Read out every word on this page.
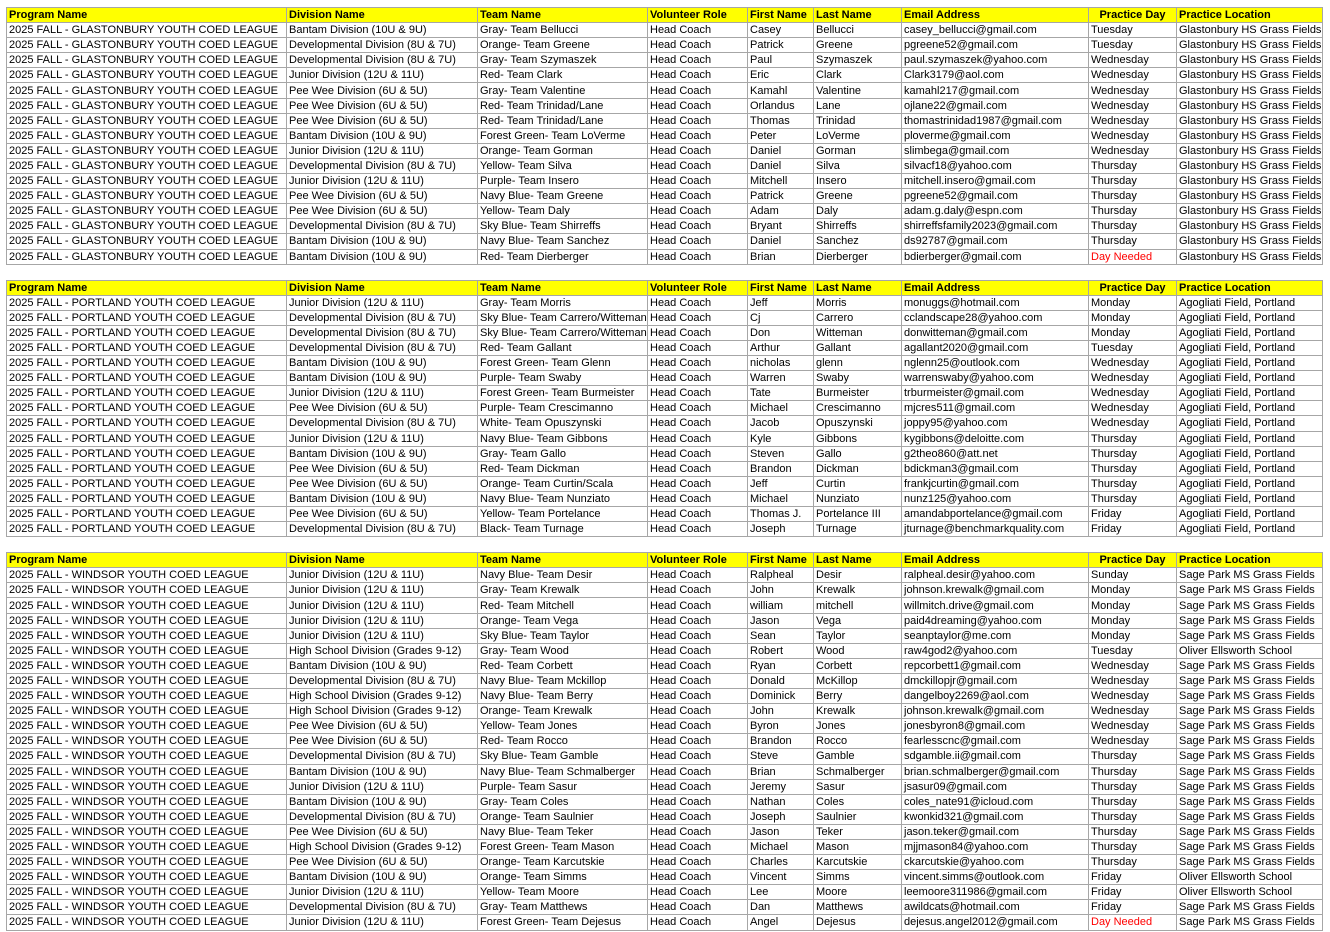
Program Name	Division Name	Team Name	Volunteer Role	First Name	Last Name	Email Address	Practice Day	Practice Location
2025 FALL - GLASTONBURY YOUTH COED LEAGUE	Bantam Division (10U & 9U)	Gray- Team Bellucci	Head Coach	Casey	Bellucci	casey_bellucci@gmail.com	Tuesday	Glastonbury HS Grass Fields
2025 FALL - GLASTONBURY YOUTH COED LEAGUE	Developmental Division (8U & 7U)	Orange- Team Greene	Head Coach	Patrick	Greene	pgreene52@gmail.com	Tuesday	Glastonbury HS Grass Fields
2025 FALL - GLASTONBURY YOUTH COED LEAGUE	Developmental Division (8U & 7U)	Gray- Team Szymaszek	Head Coach	Paul	Szymaszek	paul.szymaszek@yahoo.com	Wednesday	Glastonbury HS Grass Fields
2025 FALL - GLASTONBURY YOUTH COED LEAGUE	Junior Division (12U & 11U)	Red- Team Clark	Head Coach	Eric	Clark	Clark3179@aol.com	Wednesday	Glastonbury HS Grass Fields
2025 FALL - GLASTONBURY YOUTH COED LEAGUE	Pee Wee Division (6U & 5U)	Gray- Team Valentine	Head Coach	Kamahl	Valentine	kamahl217@gmail.com	Wednesday	Glastonbury HS Grass Fields
2025 FALL - GLASTONBURY YOUTH COED LEAGUE	Pee Wee Division (6U & 5U)	Red- Team Trinidad/Lane	Head Coach	Orlandus	Lane	ojlane22@gmail.com	Wednesday	Glastonbury HS Grass Fields
2025 FALL - GLASTONBURY YOUTH COED LEAGUE	Pee Wee Division (6U & 5U)	Red- Team Trinidad/Lane	Head Coach	Thomas	Trinidad	thomastrinidad1987@gmail.com	Wednesday	Glastonbury HS Grass Fields
2025 FALL - GLASTONBURY YOUTH COED LEAGUE	Bantam Division (10U & 9U)	Forest Green- Team LoVerme	Head Coach	Peter	LoVerme	ploverme@gmail.com	Wednesday	Glastonbury HS Grass Fields
2025 FALL - GLASTONBURY YOUTH COED LEAGUE	Junior Division (12U & 11U)	Orange- Team Gorman	Head Coach	Daniel	Gorman	slimbega@gmail.com	Wednesday	Glastonbury HS Grass Fields
2025 FALL - GLASTONBURY YOUTH COED LEAGUE	Developmental Division (8U & 7U)	Yellow- Team Silva	Head Coach	Daniel	Silva	silvacf18@yahoo.com	Thursday	Glastonbury HS Grass Fields
2025 FALL - GLASTONBURY YOUTH COED LEAGUE	Junior Division (12U & 11U)	Purple- Team Insero	Head Coach	Mitchell	Insero	mitchell.insero@gmail.com	Thursday	Glastonbury HS Grass Fields
2025 FALL - GLASTONBURY YOUTH COED LEAGUE	Pee Wee Division (6U & 5U)	Navy Blue- Team Greene	Head Coach	Patrick	Greene	pgreene52@gmail.com	Thursday	Glastonbury HS Grass Fields
2025 FALL - GLASTONBURY YOUTH COED LEAGUE	Pee Wee Division (6U & 5U)	Yellow- Team Daly	Head Coach	Adam	Daly	adam.g.daly@espn.com	Thursday	Glastonbury HS Grass Fields
2025 FALL - GLASTONBURY YOUTH COED LEAGUE	Developmental Division (8U & 7U)	Sky Blue- Team Shirreffs	Head Coach	Bryant	Shirreffs	shirreffsfamily2023@gmail.com	Thursday	Glastonbury HS Grass Fields
2025 FALL - GLASTONBURY YOUTH COED LEAGUE	Bantam Division (10U & 9U)	Navy Blue- Team Sanchez	Head Coach	Daniel	Sanchez	ds92787@gmail.com	Thursday	Glastonbury HS Grass Fields
2025 FALL - GLASTONBURY YOUTH COED LEAGUE	Bantam Division (10U & 9U)	Red- Team Dierberger	Head Coach	Brian	Dierberger	bdierberger@gmail.com	Day Needed	Glastonbury HS Grass Fields
Program Name	Division Name	Team Name	Volunteer Role	First Name	Last Name	Email Address	Practice Day	Practice Location
2025 FALL - PORTLAND YOUTH COED LEAGUE	Junior Division (12U & 11U)	Gray- Team Morris	Head Coach	Jeff	Morris	monuggs@hotmail.com	Monday	Agogliati Field, Portland
2025 FALL - PORTLAND YOUTH COED LEAGUE	Developmental Division (8U & 7U)	Sky Blue- Team Carrero/Witteman	Head Coach	Cj	Carrero	cclandscape28@yahoo.com	Monday	Agogliati Field, Portland
2025 FALL - PORTLAND YOUTH COED LEAGUE	Developmental Division (8U & 7U)	Sky Blue- Team Carrero/Witteman	Head Coach	Don	Witteman	donwitteman@gmail.com	Monday	Agogliati Field, Portland
2025 FALL - PORTLAND YOUTH COED LEAGUE	Developmental Division (8U & 7U)	Red- Team Gallant	Head Coach	Arthur	Gallant	agallant2020@gmail.com	Tuesday	Agogliati Field, Portland
2025 FALL - PORTLAND YOUTH COED LEAGUE	Bantam Division (10U & 9U)	Forest Green- Team Glenn	Head Coach	nicholas	glenn	nglenn25@outlook.com	Wednesday	Agogliati Field, Portland
2025 FALL - PORTLAND YOUTH COED LEAGUE	Bantam Division (10U & 9U)	Purple- Team Swaby	Head Coach	Warren	Swaby	warrenswaby@yahoo.com	Wednesday	Agogliati Field, Portland
2025 FALL - PORTLAND YOUTH COED LEAGUE	Junior Division (12U & 11U)	Forest Green- Team Burmeister	Head Coach	Tate	Burmeister	trburmeister@gmail.com	Wednesday	Agogliati Field, Portland
2025 FALL - PORTLAND YOUTH COED LEAGUE	Pee Wee Division (6U & 5U)	Purple- Team Crescimanno	Head Coach	Michael	Crescimanno	mjcres511@gmail.com	Wednesday	Agogliati Field, Portland
2025 FALL - PORTLAND YOUTH COED LEAGUE	Developmental Division (8U & 7U)	White- Team Opuszynski	Head Coach	Jacob	Opuszynski	joppy95@yahoo.com	Wednesday	Agogliati Field, Portland
2025 FALL - PORTLAND YOUTH COED LEAGUE	Junior Division (12U & 11U)	Navy Blue- Team Gibbons	Head Coach	Kyle	Gibbons	kygibbons@deloitte.com	Thursday	Agogliati Field, Portland
2025 FALL - PORTLAND YOUTH COED LEAGUE	Bantam Division (10U & 9U)	Gray- Team Gallo	Head Coach	Steven	Gallo	g2theo860@att.net	Thursday	Agogliati Field, Portland
2025 FALL - PORTLAND YOUTH COED LEAGUE	Pee Wee Division (6U & 5U)	Red- Team Dickman	Head Coach	Brandon	Dickman	bdickman3@gmail.com	Thursday	Agogliati Field, Portland
2025 FALL - PORTLAND YOUTH COED LEAGUE	Pee Wee Division (6U & 5U)	Orange- Team Curtin/Scala	Head Coach	Jeff	Curtin	frankjcurtin@gmail.com	Thursday	Agogliati Field, Portland
2025 FALL - PORTLAND YOUTH COED LEAGUE	Bantam Division (10U & 9U)	Navy Blue- Team Nunziato	Head Coach	Michael	Nunziato	nunz125@yahoo.com	Thursday	Agogliati Field, Portland
2025 FALL - PORTLAND YOUTH COED LEAGUE	Pee Wee Division (6U & 5U)	Yellow- Team Portelance	Head Coach	Thomas J.	Portelance III	amandabportelance@gmail.com	Friday	Agogliati Field, Portland
2025 FALL - PORTLAND YOUTH COED LEAGUE	Developmental Division (8U & 7U)	Black- Team Turnage	Head Coach	Joseph	Turnage	jturnage@benchmarkquality.com	Friday	Agogliati Field, Portland
Program Name	Division Name	Team Name	Volunteer Role	First Name	Last Name	Email Address	Practice Day	Practice Location
2025 FALL - WINDSOR YOUTH COED LEAGUE	Junior Division (12U & 11U)	Navy Blue- Team Desir	Head Coach	Ralpheal	Desir	ralpheal.desir@yahoo.com	Sunday	Sage Park MS Grass Fields
2025 FALL - WINDSOR YOUTH COED LEAGUE	Junior Division (12U & 11U)	Gray- Team Krewalk	Head Coach	John	Krewalk	johnson.krewalk@gmail.com	Monday	Sage Park MS Grass Fields
2025 FALL - WINDSOR YOUTH COED LEAGUE	Junior Division (12U & 11U)	Red- Team Mitchell	Head Coach	william	mitchell	willmitch.drive@gmail.com	Monday	Sage Park MS Grass Fields
2025 FALL - WINDSOR YOUTH COED LEAGUE	Junior Division (12U & 11U)	Orange- Team Vega	Head Coach	Jason	Vega	paid4dreaming@yahoo.com	Monday	Sage Park MS Grass Fields
2025 FALL - WINDSOR YOUTH COED LEAGUE	Junior Division (12U & 11U)	Sky Blue- Team Taylor	Head Coach	Sean	Taylor	seanptaylor@me.com	Monday	Sage Park MS Grass Fields
2025 FALL - WINDSOR YOUTH COED LEAGUE	High School Division (Grades 9-12)	Gray- Team Wood	Head Coach	Robert	Wood	raw4god2@yahoo.com	Tuesday	Oliver Ellsworth School
2025 FALL - WINDSOR YOUTH COED LEAGUE	Bantam Division (10U & 9U)	Red- Team Corbett	Head Coach	Ryan	Corbett	repcorbett1@gmail.com	Wednesday	Sage Park MS Grass Fields
2025 FALL - WINDSOR YOUTH COED LEAGUE	Developmental Division (8U & 7U)	Navy Blue- Team Mckillop	Head Coach	Donald	McKillop	dmckillopjr@gmail.com	Wednesday	Sage Park MS Grass Fields
2025 FALL - WINDSOR YOUTH COED LEAGUE	High School Division (Grades 9-12)	Navy Blue- Team Berry	Head Coach	Dominick	Berry	dangelboy2269@aol.com	Wednesday	Sage Park MS Grass Fields
2025 FALL - WINDSOR YOUTH COED LEAGUE	High School Division (Grades 9-12)	Orange- Team Krewalk	Head Coach	John	Krewalk	johnson.krewalk@gmail.com	Wednesday	Sage Park MS Grass Fields
2025 FALL - WINDSOR YOUTH COED LEAGUE	Pee Wee Division (6U & 5U)	Yellow- Team Jones	Head Coach	Byron	Jones	jonesbyron8@gmail.com	Wednesday	Sage Park MS Grass Fields
2025 FALL - WINDSOR YOUTH COED LEAGUE	Pee Wee Division (6U & 5U)	Red- Team Rocco	Head Coach	Brandon	Rocco	fearlesscnc@gmail.com	Wednesday	Sage Park MS Grass Fields
2025 FALL - WINDSOR YOUTH COED LEAGUE	Developmental Division (8U & 7U)	Sky Blue- Team Gamble	Head Coach	Steve	Gamble	sdgamble.ii@gmail.com	Thursday	Sage Park MS Grass Fields
2025 FALL - WINDSOR YOUTH COED LEAGUE	Bantam Division (10U & 9U)	Navy Blue- Team Schmalberger	Head Coach	Brian	Schmalberger	brian.schmalberger@gmail.com	Thursday	Sage Park MS Grass Fields
2025 FALL - WINDSOR YOUTH COED LEAGUE	Junior Division (12U & 11U)	Purple- Team Sasur	Head Coach	Jeremy	Sasur	jsasur09@gmail.com	Thursday	Sage Park MS Grass Fields
2025 FALL - WINDSOR YOUTH COED LEAGUE	Bantam Division (10U & 9U)	Gray- Team Coles	Head Coach	Nathan	Coles	coles_nate91@icloud.com	Thursday	Sage Park MS Grass Fields
2025 FALL - WINDSOR YOUTH COED LEAGUE	Developmental Division (8U & 7U)	Orange- Team Saulnier	Head Coach	Joseph	Saulnier	kwonkid321@gmail.com	Thursday	Sage Park MS Grass Fields
2025 FALL - WINDSOR YOUTH COED LEAGUE	Pee Wee Division (6U & 5U)	Navy Blue- Team Teker	Head Coach	Jason	Teker	jason.teker@gmail.com	Thursday	Sage Park MS Grass Fields
2025 FALL - WINDSOR YOUTH COED LEAGUE	High School Division (Grades 9-12)	Forest Green- Team Mason	Head Coach	Michael	Mason	mjjmason84@yahoo.com	Thursday	Sage Park MS Grass Fields
2025 FALL - WINDSOR YOUTH COED LEAGUE	Pee Wee Division (6U & 5U)	Orange- Team Karcutskie	Head Coach	Charles	Karcutskie	ckarcutskie@yahoo.com	Thursday	Sage Park MS Grass Fields
2025 FALL - WINDSOR YOUTH COED LEAGUE	Bantam Division (10U & 9U)	Orange- Team Simms	Head Coach	Vincent	Simms	vincent.simms@outlook.com	Friday	Oliver Ellsworth School
2025 FALL - WINDSOR YOUTH COED LEAGUE	Junior Division (12U & 11U)	Yellow- Team Moore	Head Coach	Lee	Moore	leemoore311986@gmail.com	Friday	Oliver Ellsworth School
2025 FALL - WINDSOR YOUTH COED LEAGUE	Developmental Division (8U & 7U)	Gray- Team Matthews	Head Coach	Dan	Matthews	awildcats@hotmail.com	Friday	Sage Park MS Grass Fields
2025 FALL - WINDSOR YOUTH COED LEAGUE	Junior Division (12U & 11U)	Forest Green- Team Dejesus	Head Coach	Angel	Dejesus	dejesus.angel2012@gmail.com	Day Needed	Sage Park MS Grass Fields
